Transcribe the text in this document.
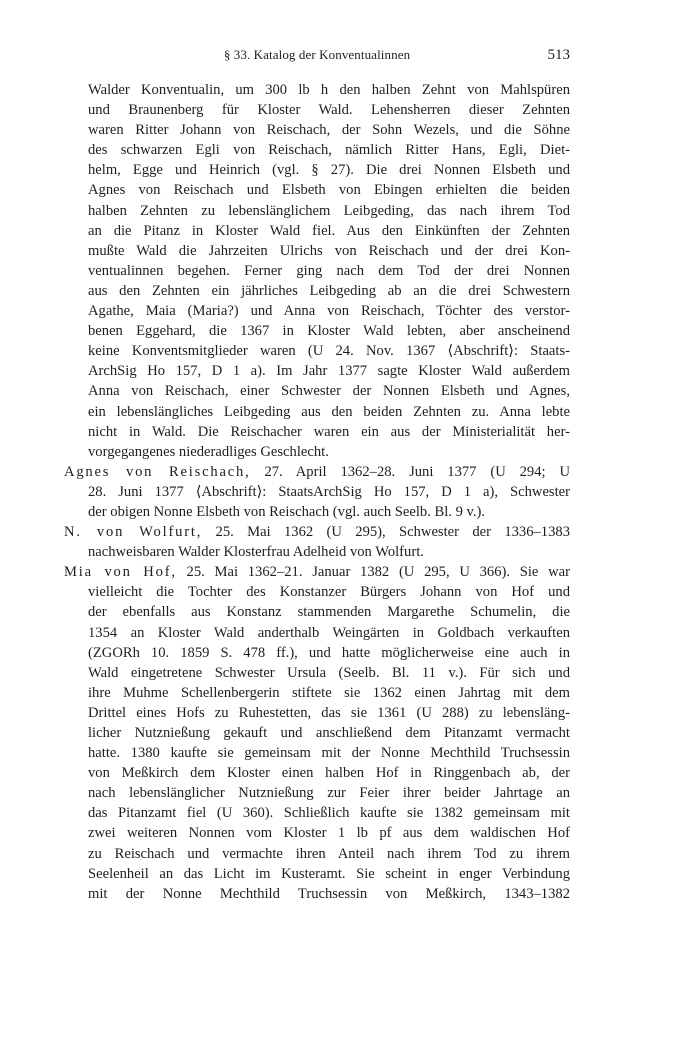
§ 33. Katalog der Konventualinnen	513
Walder Konventualin, um 300 lb h den halben Zehnt von Mahlspüren
und Braunenberg für Kloster Wald. Lehensherren dieser Zehnten
waren Ritter Johann von Reischach, der Sohn Wezels, und die Söhne
des schwarzen Egli von Reischach, nämlich Ritter Hans, Egli, Diet-
helm, Egge und Heinrich (vgl. § 27). Die drei Nonnen Elsbeth und
Agnes von Reischach und Elsbeth von Ebingen erhielten die beiden
halben Zehnten zu lebenslänglichem Leibgeding, das nach ihrem Tod
an die Pitanz in Kloster Wald fiel. Aus den Einkünften der Zehnten
mußte Wald die Jahrzeiten Ulrichs von Reischach und der drei Kon-
ventualinnen begehen. Ferner ging nach dem Tod der drei Nonnen
aus den Zehnten ein jährliches Leibgeding ab an die drei Schwestern
Agathe, Maia (Maria?) und Anna von Reischach, Töchter des verstor-
benen Eggehard, die 1367 in Kloster Wald lebten, aber anscheinend
keine Konventsmitglieder waren (U 24. Nov. 1367 ⟨Abschrift⟩: Staats-
ArchSig Ho 157, D 1 a). Im Jahr 1377 sagte Kloster Wald außerdem
Anna von Reischach, einer Schwester der Nonnen Elsbeth und Agnes,
ein lebenslängliches Leibgeding aus den beiden Zehnten zu. Anna lebte
nicht in Wald. Die Reischacher waren ein aus der Ministerialität her-
vorgegangenes niederadliges Geschlecht.
Agnes von Reischach, 27. April 1362–28. Juni 1377 (U 294; U
28. Juni 1377 ⟨Abschrift⟩: StaatsArchSig Ho 157, D 1 a), Schwester
der obigen Nonne Elsbeth von Reischach (vgl. auch Seelb. Bl. 9 v.).
N. von Wolfurt, 25. Mai 1362 (U 295), Schwester der 1336–1383
nachweisbaren Walder Klosterfrau Adelheid von Wolfurt.
Mia von Hof, 25. Mai 1362–21. Januar 1382 (U 295, U 366). Sie war
vielleicht die Tochter des Konstanzer Bürgers Johann von Hof und
der ebenfalls aus Konstanz stammenden Margarethe Schumelin, die
1354 an Kloster Wald anderthalb Weingärten in Goldbach verkauften
(ZGORh 10. 1859 S. 478 ff.), und hatte möglicherweise eine auch in
Wald eingetretene Schwester Ursula (Seelb. Bl. 11 v.). Für sich und
ihre Muhme Schellenbergerin stiftete sie 1362 einen Jahrtag mit dem
Drittel eines Hofs zu Ruhestetten, das sie 1361 (U 288) zu lebensläng-
licher Nutznießung gekauft und anschließend dem Pitanzamt vermacht
hatte. 1380 kaufte sie gemeinsam mit der Nonne Mechthild Truchsessin
von Meßkirch dem Kloster einen halben Hof in Ringgenbach ab, der
nach lebenslänglicher Nutznießung zur Feier ihrer beider Jahrtage an
das Pitanzamt fiel (U 360). Schließlich kaufte sie 1382 gemeinsam mit
zwei weiteren Nonnen vom Kloster 1 lb pf aus dem waldischen Hof
zu Reischach und vermachte ihren Anteil nach ihrem Tod zu ihrem
Seelenheil an das Licht im Kusteramt. Sie scheint in enger Verbindung
mit der Nonne Mechthild Truchsessin von Meßkirch, 1343–1382
